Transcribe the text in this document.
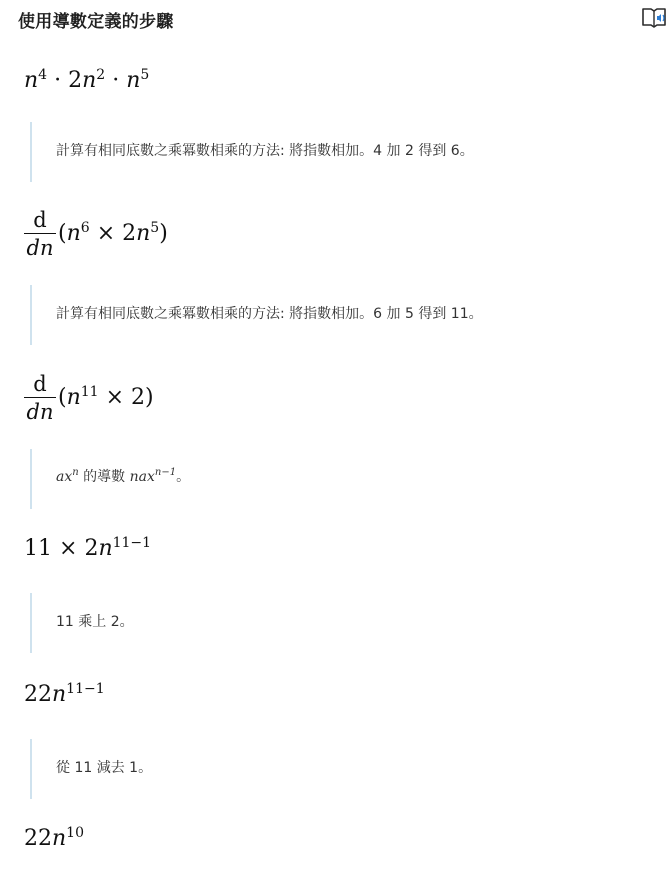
使用導數定義的步驟
$n^4 \cdot 2n^2 \cdot n^5$
計算有相同底數之乘冪數相乘的方法: 將指數相加。4 加 2 得到 6。
d
dn
$(n^6 \times 2n^5)$
計算有相同底數之乘冪數相乘的方法: 將指數相加。6 加 5 得到 11。
d
dn
$(n^{11} \times 2)$
$ax^n$ 的導數 nax$^{n-1}$。
$11 \times 2n^{11-1}$
11 乘上 2。
$22n^{11-1}$
從 11 減去 1。
$22n^{10}$
